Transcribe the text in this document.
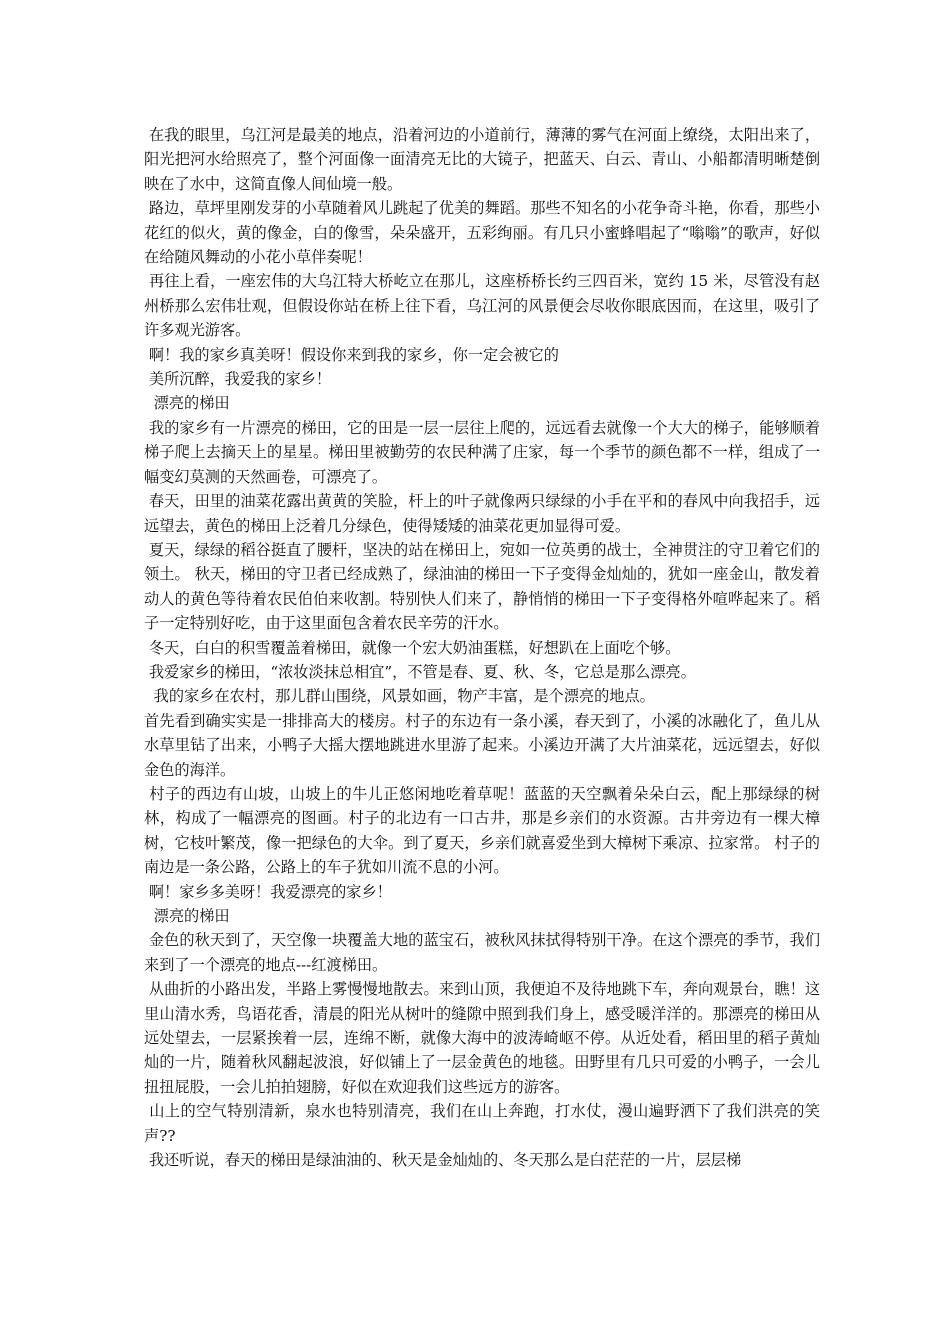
在我的眼里，乌江河是最美的地点，沿着河边的小道前行，薄薄的雾气在河面上缭绕，太阳出来了，阳光把河水给照亮了，整个河面像一面清亮无比的大镜子，把蓝天、白云、青山、小船都清明晰楚倒映在了水中，这简直像人间仙境一般。

路边，草坪里刚发芽的小草随着风儿跳起了优美的舞蹈。那些不知名的小花争奇斗艳，你看，那些小花红的似火，黄的像金，白的像雪，朵朵盛开，五彩绚丽。有几只小蜜蜂唱起了“嗡嗡”的歌声，好似在给随风舞动的小花小草伴奏呢！

再往上看，一座宏伟的大乌江特大桥屹立在那儿，这座桥桥长约三四百米，宽约 15 米，尽管没有赵州桥那么宏伟壮观，但假设你站在桥上往下看，乌江河的风景便会尽收你眼底因而，在这里，吸引了许多观光游客。

啊！我的家乡真美呀！假设你来到我的家乡，你一定会被它的

美所沉醉，我爱我的家乡！

漂亮的梯田

我的家乡有一片漂亮的梯田，它的田是一层一层往上爬的，远远看去就像一个大大的梯子，能够顺着梯子爬上去摘天上的星星。梯田里被勤劳的农民种满了庄家，每一个季节的颜色都不一样，组成了一幅变幻莫测的天然画卷，可漂亮了。

春天，田里的油菜花露出黄黄的笑脸，杆上的叶子就像两只绿绿的小手在平和的春风中向我招手，远远望去，黄色的梯田上泛着几分绿色，使得矮矮的油菜花更加显得可爱。

夏天，绿绿的稻谷挺直了腰杆，坚决的站在梯田上，宛如一位英勇的战士，全神贯注的守卫着它们的领土。 秋天，梯田的守卫者已经成熟了，绿油油的梯田一下子变得金灿灿的，犹如一座金山，散发着动人的黄色等待着农民伯伯来收割。特别快人们来了，静悄悄的梯田一下子变得格外喧哗起来了。稻子一定特别好吃，由于这里面包含着农民辛劳的汗水。

冬天，白白的积雪覆盖着梯田，就像一个宏大奶油蛋糕，好想趴在上面吃个够。

我爱家乡的梯田，“浓妆淡抹总相宜”，不管是春、夏、秋、冬，它总是那么漂亮。

我的家乡在农村，那儿群山围绕，风景如画，物产丰富，是个漂亮的地点。

首先看到确实实是一排排高大的楼房。村子的东边有一条小溪，春天到了，小溪的冰融化了，鱼儿从水草里钻了出来，小鸭子大摇大摆地跳进水里游了起来。小溪边开满了大片油菜花，远远望去，好似金色的海洋。

村子的西边有山坡，山坡上的牛儿正悠闲地吃着草呢！蓝蓝的天空飘着朵朵白云，配上那绿绿的树林，构成了一幅漂亮的图画。村子的北边有一口古井，那是乡亲们的水资源。古井旁边有一棵大樟树，它枝叶繁茂，像一把绿色的大伞。到了夏天，乡亲们就喜爱坐到大樟树下乘凉、拉家常。 村子的南边是一条公路，公路上的车子犹如川流不息的小河。

啊！家乡多美呀！我爱漂亮的家乡！

漂亮的梯田

金色的秋天到了，天空像一块覆盖大地的蓝宝石，被秋风抹拭得特别干净。在这个漂亮的季节，我们来到了一个漂亮的地点---红渡梯田。

从曲折的小路出发，半路上雾慢慢地散去。来到山顶，我便迫不及待地跳下车，奔向观景台，瞧！这里山清水秀，鸟语花香，清晨的阳光从树叶的缝隙中照到我们身上，感受暖洋洋的。那漂亮的梯田从远处望去，一层紧挨着一层，连绵不断，就像大海中的波涛崎岖不停。从近处看，稻田里的稻子黄灿灿的一片，随着秋风翻起波浪，好似铺上了一层金黄色的地毯。田野里有几只可爱的小鸭子，一会儿扭扭屁股，一会儿拍拍翅膀，好似在欢迎我们这些远方的游客。

山上的空气特别清新，泉水也特别清亮，我们在山上奔跑，打水仗，漫山遍野洒下了我们洪亮的笑声??

我还听说，春天的梯田是绿油油的、秋天是金灿灿的、冬天那么是白茫茫的一片，层层梯
